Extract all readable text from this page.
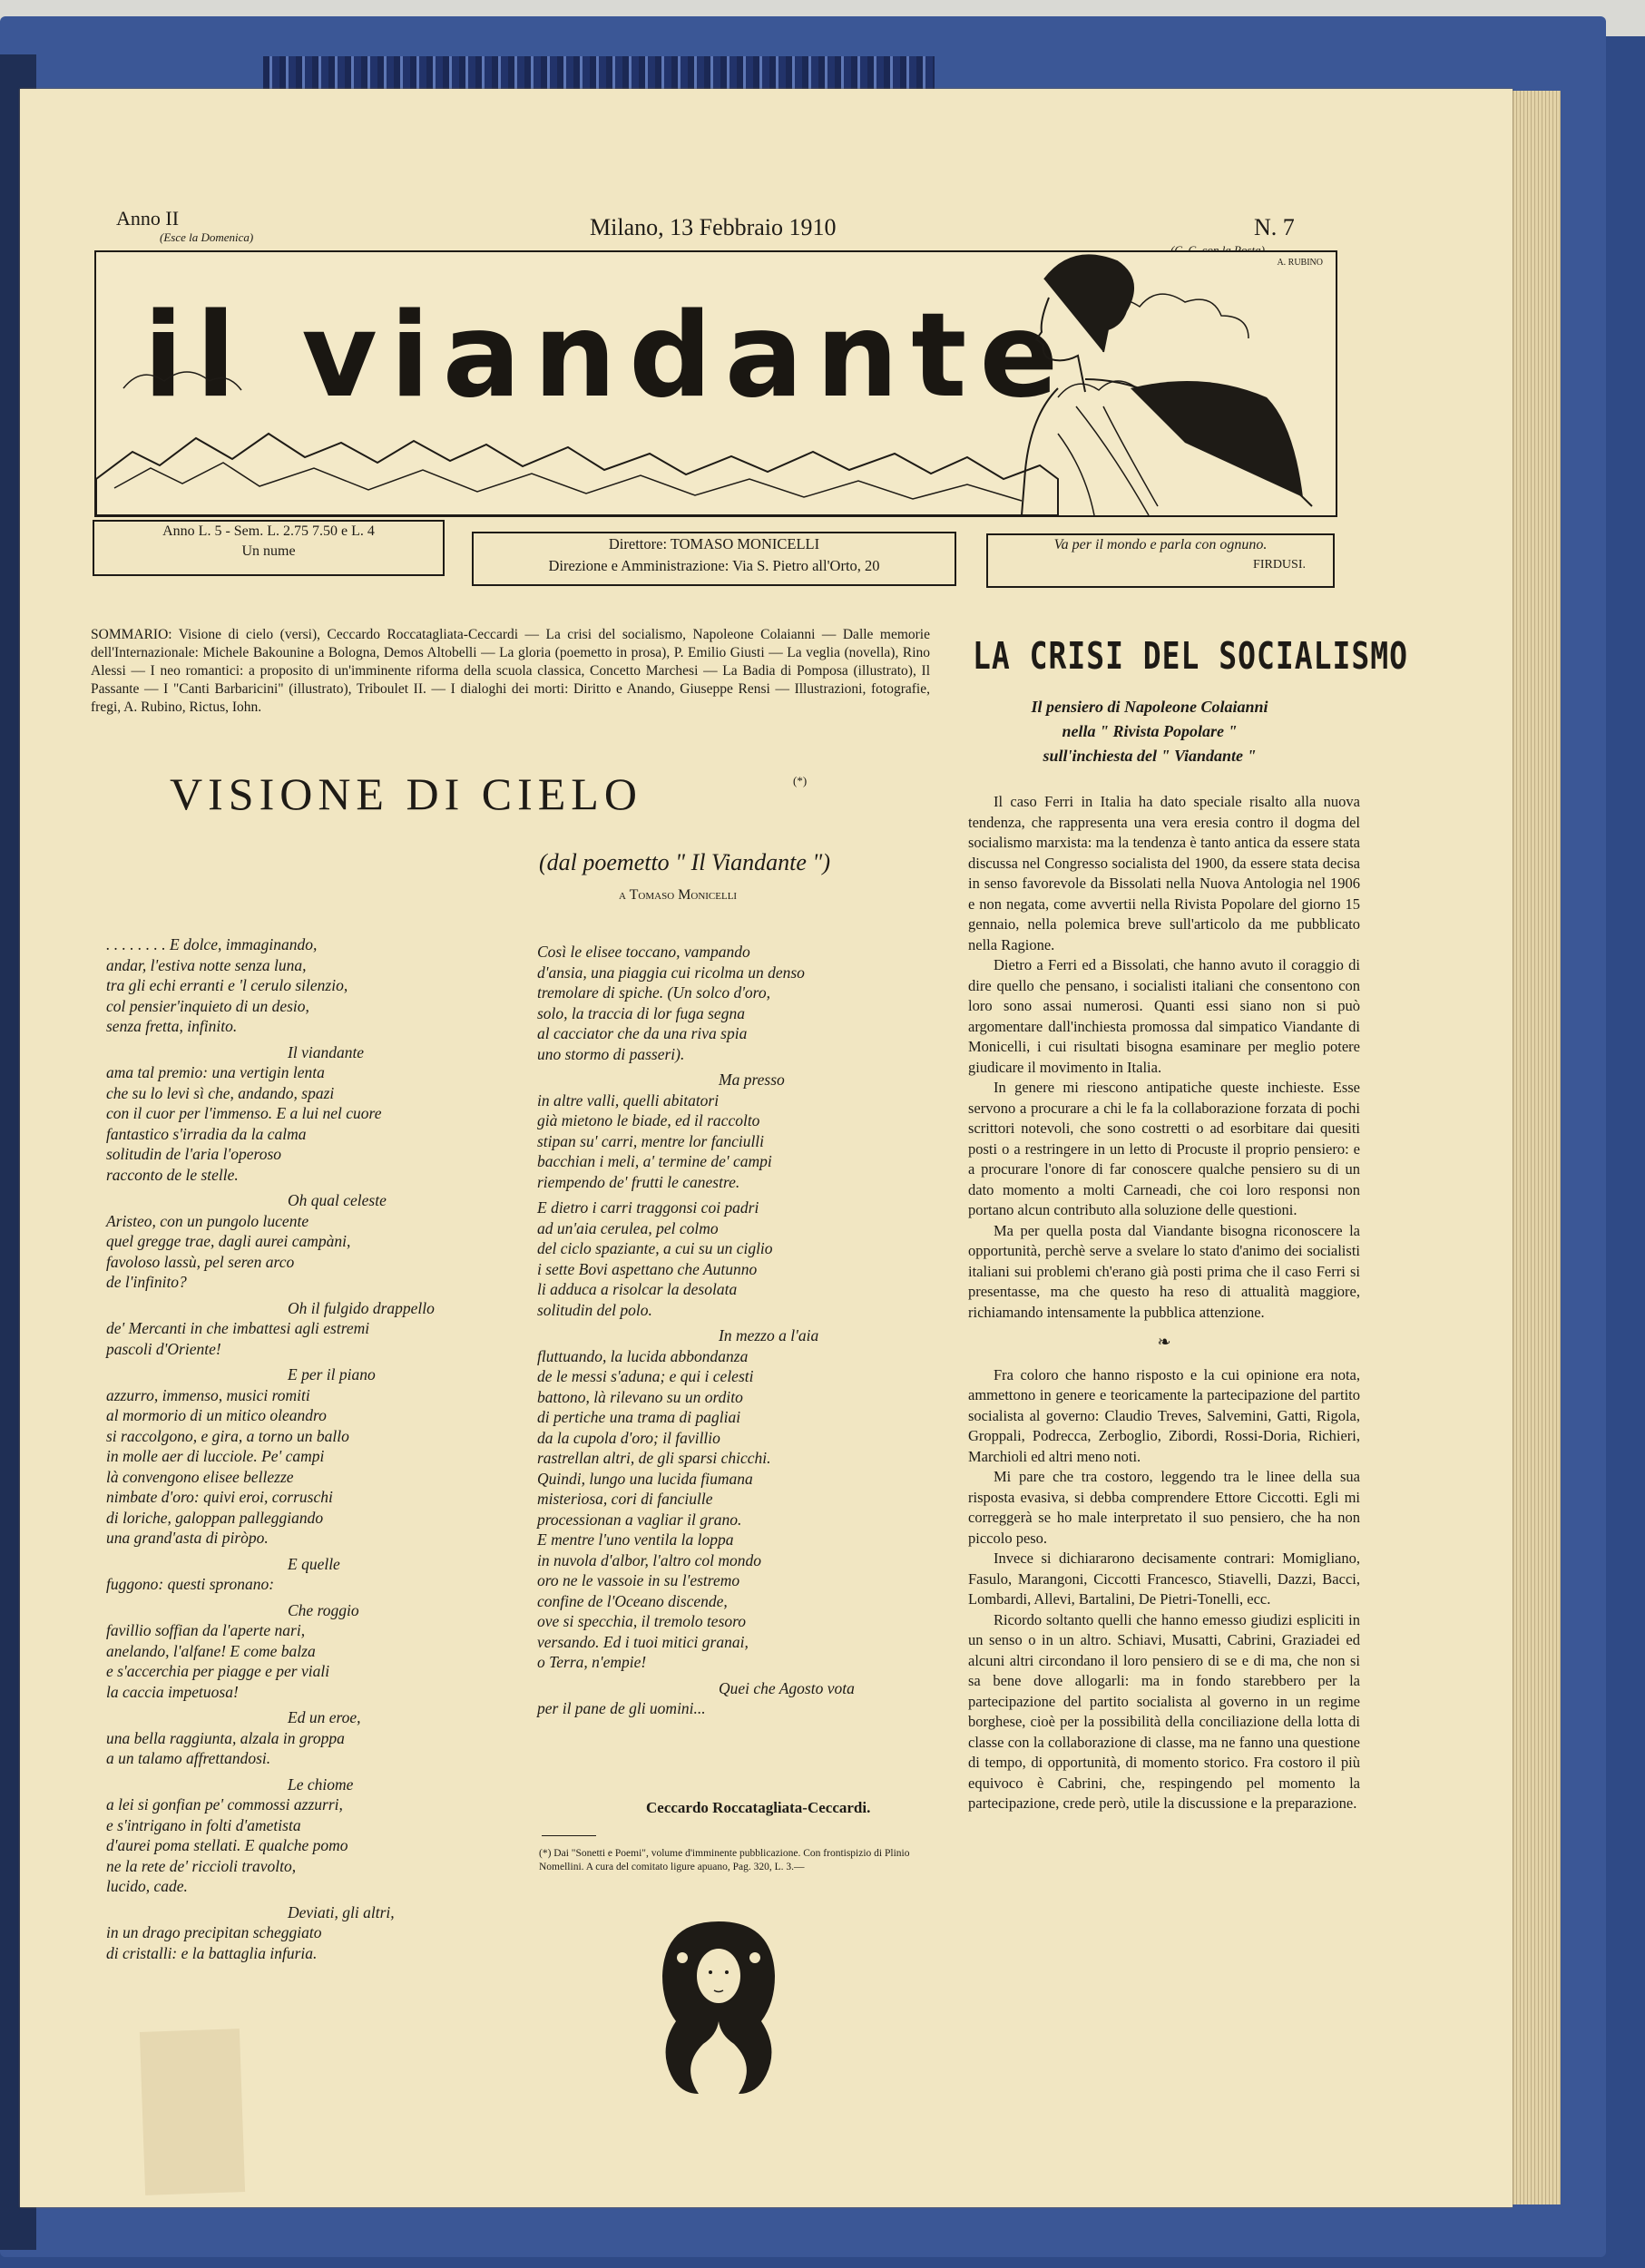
Anno II
(Esce la Domenica)	Milano, 13 Febbraio 1910	N. 7
il viandante
A. RUBINO
Anno L. 5 - Sem. L. 2.75 7.50 e L. 4
Un nume	Direttore: TOMASO MONICELLI
Direzione e Amministrazione: Via S. Pietro all'Orto, 20
Va per il mondo e parla con ognuno.
FIRDUSI.
SOMMARIO: Visione di cielo (versi), Ceccardo Roccatagliata-Ceccardi — La crisi del socialismo, Napoleone Colaianni — Dalle memorie dell'Internazionale: Michele Bakounine a Bologna, Demos Altobelli — La gloria (poemetto in prosa), P. Emilio Giusti — La veglia (novella), Rino Alessi — I neo romantici: a proposito di un'imminente riforma della scuola classica, Concetto Marchesi — La Badia di Pomposa (illustrato), Il Passante — I "Canti Barbaricini" (illustrato), Triboulet II. — I dialoghi dei morti: Diritto e Anando, Giuseppe Rensi — Illustrazioni, fotografie, fregi, A. Rubino, Rictus, Iohn.
VISIONE DI CIELO	(*)
(dal poemetto " Il Viandante ")
a Tomaso Monicelli
. . . . . . . . E dolce, immaginando,
andar, l'estiva notte senza luna,
tra gli echi erranti e 'l cerulo silenzio,
col pensier'inquieto di un desio,
senza fretta, infinito.
Il viandante
ama tal premio: una vertigin lenta
che su lo levi sì che, andando, spazi
con il cuor per l'immenso. E a lui nel cuore
fantastico s'irradia da la calma
solitudin de l'aria l'operoso
racconto de le stelle.
Oh qual celeste
Aristeo, con un pungolo lucente
quel gregge trae, dagli aurei campàni,
favoloso lassù, pel seren arco
de l'infinito?
Oh il fulgido drappello
de' Mercanti in che imbattesi agli estremi
pascoli d'Oriente!
E per il piano
azzurro, immenso, musici romiti
al mormorio di un mitico oleandro
si raccolgono, e gira, a torno un ballo
in molle aer di lucciole. Pe' campi
là convengono elisee bellezze
nimbate d'oro: quivi eroi, corruschi
di loriche, galoppan palleggiando
una grand'asta di piròpo.
E quelle
fuggono: questi spronano:
Che roggio
favillio soffian da l'aperte nari,
anelando, l'alfane! E come balza
e s'accerchia per piagge e per viali
la caccia impetuosa!
Ed un eroe,
una bella raggiunta, alzala in groppa
a un talamo affrettandosi.
Le chiome
a lei si gonfian pe' commossi azzurri,
e s'intrigano in folti d'ametista
d'aurei poma stellati. E qualche pomo
ne la rete de' riccioli travolto,
lucido, cade.
Deviati, gli altri,
in un drago precipitan scheggiato
di cristalli: e la battaglia infuria.
Così le elisee toccano, vampando
d'ansia, una piaggia cui ricolma un denso
tremolare di spiche. (Un solco d'oro,
solo, la traccia di lor fuga segna
al cacciator che da una riva spia
uno stormo di passeri).
Ma presso
in altre valli, quelli abitatori
già mietono le biade, ed il raccolto
stipan su' carri, mentre lor fanciulli
bacchian i meli, a' termine de' campi
riempendo de' frutti le canestre.
E dietro i carri traggonsi coi padri
ad un'aia cerulea, pel colmo
del ciclo spaziante, a cui su un ciglio
i sette Bovi aspettano che Autunno
li adduca a risolcar la desolata
solitudin del polo.
In mezzo a l'aia
fluttuando, la lucida abbondanza
de le messi s'aduna; e qui i celesti
battono, là rilevano su un ordito
di pertiche una trama di pagliai
da la cupola d'oro; il favillio
rastrellan altri, de gli sparsi chicchi.
Quindi, lungo una lucida fiumana
misteriosa, cori di fanciulle
processionan a vagliar il grano.
E mentre l'uno ventila la loppa
in nuvola d'albor, l'altro col mondo
oro ne le vassoie in su l'estremo
confine de l'Oceano discende,
ove si specchia, il tremolo tesoro
versando. Ed i tuoi mitici granai,
o Terra, n'empie!
Quei che Agosto vota
per il pane de gli uomini...
Ceccardo Roccatagliata-Ceccardi.
(*) Dai "Sonetti e Poemi", volume d'imminente pubblicazione. Con frontispizio di Plinio Nomellini. A cura del comitato ligure apuano, Pag. 320, L. 3.—
LA CRISI DEL SOCIALISMO
Il pensiero di Napoleone Colaianni
nella " Rivista Popolare "
sull'inchiesta del " Viandante "

Il caso Ferri in Italia ha dato speciale risalto alla nuova tendenza, che rappresenta una vera eresia contro il dogma del socialismo marxista: ma la tendenza è tanto antica da essere stata discussa nel Congresso socialista del 1900, da essere stata decisa in senso favorevole da Bissolati nella Nuova Antologia nel 1906 e non negata, come avvertii nella Rivista Popolare del giorno 15 gennaio, nella polemica breve sull'articolo da me pubblicato nella Ragione.

Dietro a Ferri ed a Bissolati, che hanno avuto il coraggio di dire quello che pensano, i socialisti italiani che consentono con loro sono assai numerosi. Quanti essi siano non si può argomentare dall'inchiesta promossa dal simpatico Viandante di Monicelli, i cui risultati bisogna esaminare per meglio potere giudicare il movimento in Italia.

In genere mi riescono antipatiche queste inchieste. Esse servono a procurare a chi le fa la collaborazione forzata di pochi scrittori notevoli, che sono costretti o ad esorbitare dai quesiti posti o a restringere in un letto di Procuste il proprio pensiero: e a procurare l'onore di far conoscere qualche pensiero su di un dato momento a molti Carneadi, che coi loro responsi non portano alcun contributo alla soluzione delle questioni.

Ma per quella posta dal Viandante bisogna riconoscere la opportunità, perchè serve a svelare lo stato d'animo dei socialisti italiani sui problemi ch'erano già posti prima che il caso Ferri si presentasse, ma che questo ha reso di attualità maggiore, richiamando intensamente la pubblica attenzione.

❧

Fra coloro che hanno risposto e la cui opinione era nota, ammettono in genere e teoricamente la partecipazione del partito socialista al governo: Claudio Treves, Salvemini, Gatti, Rigola, Groppali, Podrecca, Zerboglio, Zibordi, Rossi-Doria, Richieri, Marchioli ed altri meno noti.

Mi pare che tra costoro, leggendo tra le linee della sua risposta evasiva, si debba comprendere Ettore Ciccotti. Egli mi correggerà se ho male interpretato il suo pensiero, che ha non piccolo peso.

Invece si dichiararono decisamente contrari: Momigliano, Fasulo, Marangoni, Ciccotti Francesco, Stiavelli, Dazzi, Bacci, Lombardi, Allevi, Bartalini, De Pietri-Tonelli, ecc.

Ricordo soltanto quelli che hanno emesso giudizi espliciti in un senso o in un altro. Schiavi, Musatti, Cabrini, Graziadei ed alcuni altri circondano il loro pensiero di se e di ma, che non si sa bene dove allogarli: ma in fondo starebbero per la partecipazione del partito socialista al governo in un regime borghese, cioè per la possibilità della conciliazione della lotta di classe con la collaborazione di classe, ma ne fanno una questione di tempo, di opportunità, di momento storico. Fra costoro il più equivoco è Cabrini, che, respingendo pel momento la partecipazione, crede però, utile la discussione e la preparazione.
